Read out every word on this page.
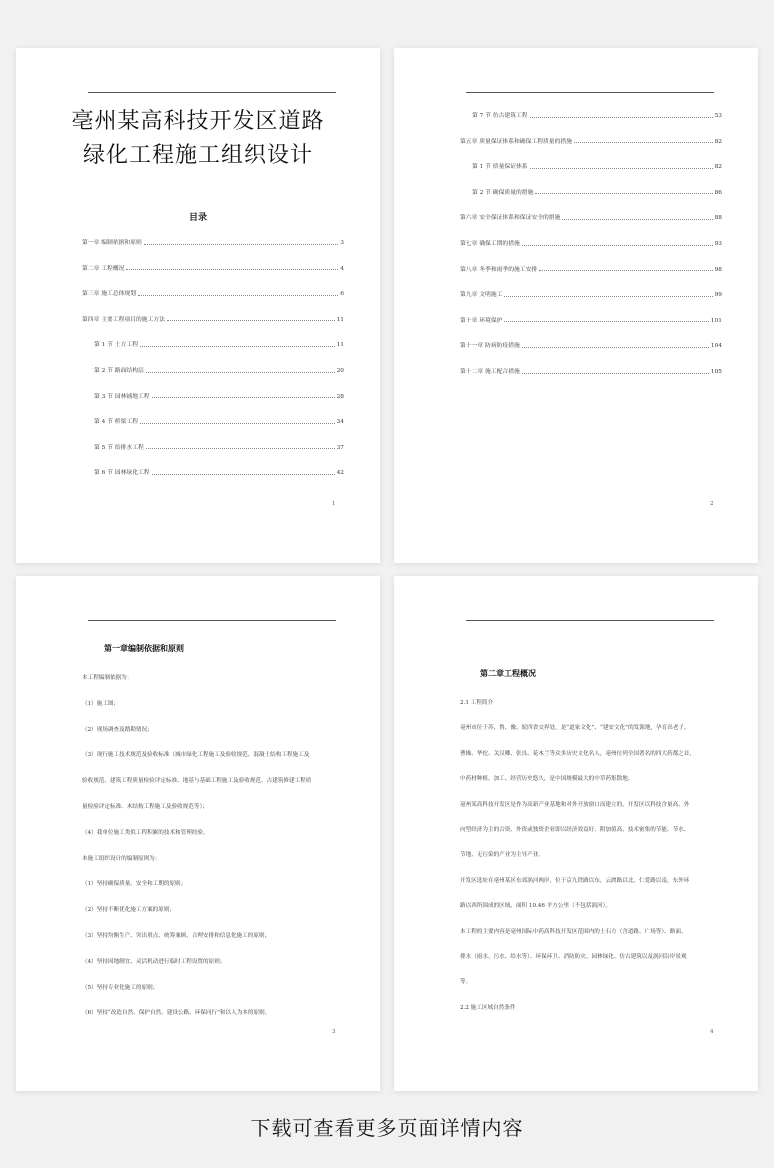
亳州某高科技开发区道路
绿化工程施工组织设计
目录
第一章 编制依据和原则	3
第二章 工程概况	4
第三章 施工总体规划	6
第四章 主要工程项目的施工方法	11
第 1 节 土方工程	11
第 2 节 路面结构层	20
第 3 节 园林铺地工程	28
第 4 节 桥梁工程	34
第 5 节 给排水工程	37
第 6 节 园林绿化工程	42
1
第 7 节 仿古建筑工程	53
第五章 质量保证体系和确保工程质量的措施	82
第 1 节 质量保证体系	82
第 2 节 确保质量的措施	86
第六章 安全保证体系和保证安全的措施	88
第七章 确保工期的措施	93
第八章 冬季和雨季的施工安排	98
第九章 文明施工	99
第十章 环境保护	101
第十一章 防病防疫措施	104
第十二章 施工配合措施	105
2
第一章编制依据和原则
本工程编制依据为：
（1）施工图；
（2）现场调查及踏勘情况；
（3）现行施工技术规范及验收标准（城市绿化工程施工及验收规范、混凝土结构工程施工及
验收规范、建筑工程质量检验评定标准、地基与基础工程施工及验收规范、古建筑修建工程质
量检验评定标准、木结构工程施工及验收规范等）；
（4）我单位施工类似工程积累的技术和管理经验。
本施工组织设计的编制原则为：
（1）坚持确保质量、安全和工期的原则；
（2）坚持不断优化施工方案的原则；
（3）坚持均衡生产、突出重点、统筹兼顾、合理安排和信息化施工的原则；
（4）坚持因地制宜、灵活机动进行临时工程设置的原则；
（5）坚持专业化施工的原则；
（6）坚持“改造自然、保护自然、建设公路、环保同行”和以人为本的原则。
3
第二章工程概况
2.1 工程简介
亳州市位于苏、鲁、豫、皖四省交界处，是“道家文化”、“建安文化”的发源地，孕育出老子、
曹操、华佗、关汉卿、张良、花木兰等众多历史文化名人，亳州位列全国著名的四大药都之首，
中药材种植、加工、经营历史悠久，是中国规模最大的中草药集散地。
亳州某高科技开发区是作为高新产业基地和对外开放窗口而建立的，开发区以科技含量高、外
向型经济为主的合资、外资或独资企业即以经济效益好、附加值高、技术密集的节能、节水、
节地、无污染的产业为主导产业。
开发区选址在亳州某区东郊涡河两岸，位于京九铁路以东，云渡路以北，仁爱路以南，东外环
路以西所围成的区域，面积 10.46 平方公里（不包括涡河）。
本工程的主要内容是亳州国际中药高科技开发区范围内的土石方（含道路、广场等）、路面、
排水（雨水、污水、给水等）、环保环卫、消防防灾、园林绿化、仿古建筑以及涡河沿岸景观
等。
2.2 施工区域自然条件
4
下载可查看更多页面详情内容
